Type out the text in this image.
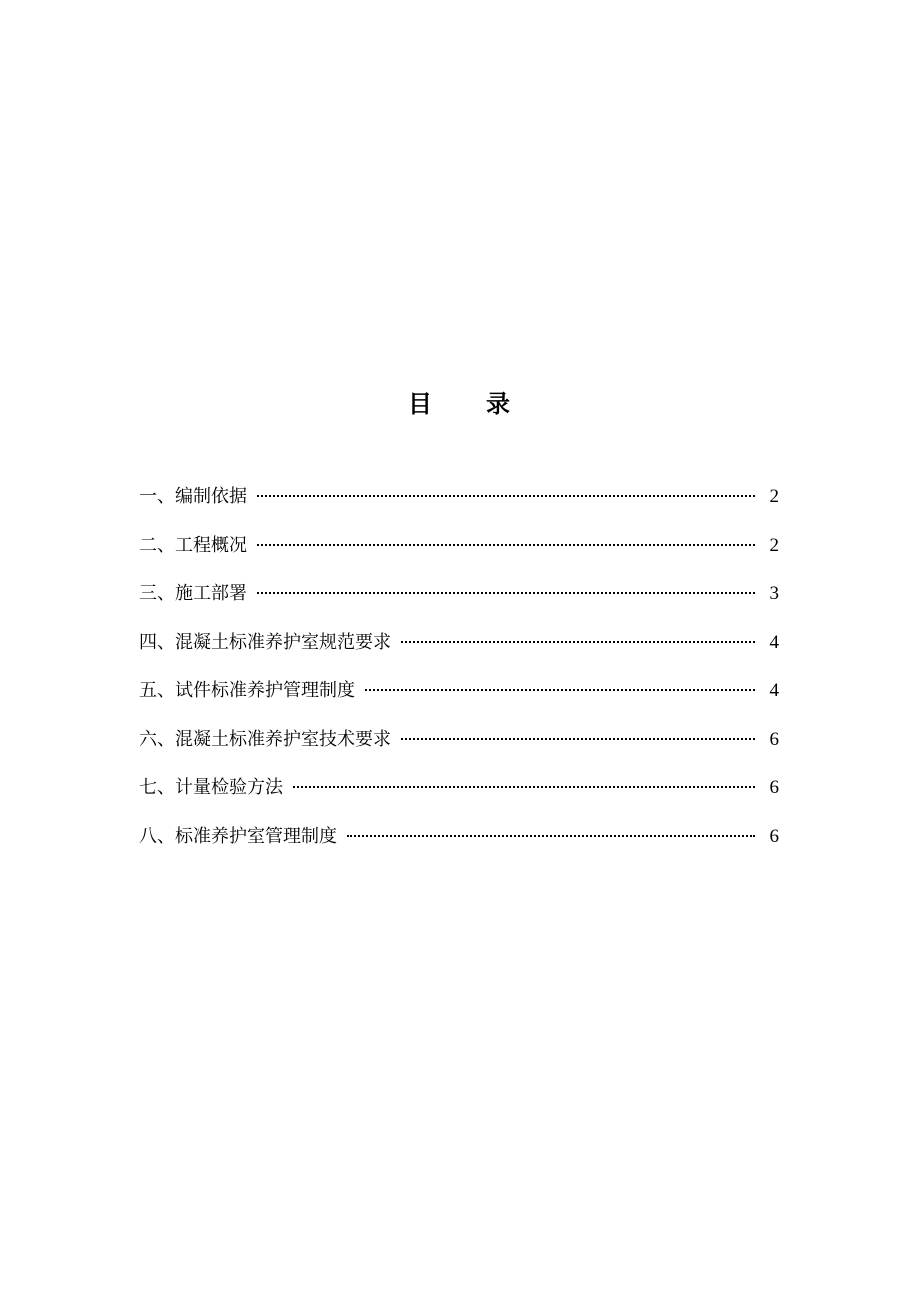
目　　录
一、编制依据	2
二、工程概况	2
三、施工部署	3
四、混凝土标准养护室规范要求	4
五、试件标准养护管理制度	4
六、混凝土标准养护室技术要求	6
七、计量检验方法	6
八、标准养护室管理制度	6
